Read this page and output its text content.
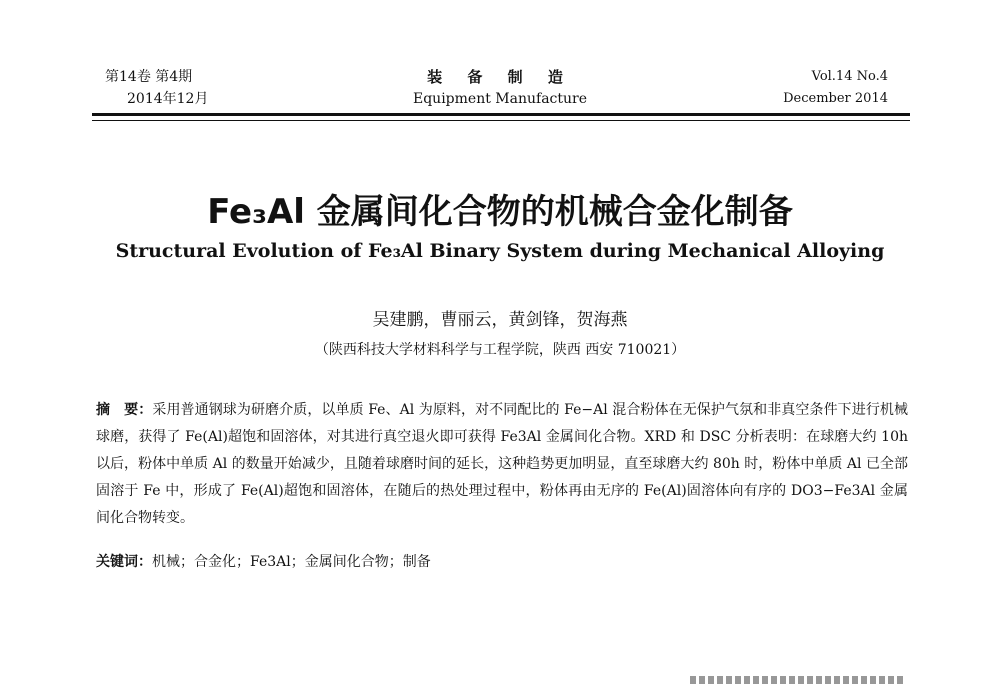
第14卷 第4期
2014年12月
装 备 制 造
Equipment Manufacture
Vol.14 No.4
December 2014
Fe₃Al 金属间化合物的机械合金化制备
Structural Evolution of Fe₃Al Binary System during Mechanical Alloying
吴建鹏，曹丽云，黄剑锋，贺海燕
（陕西科技大学材料科学与工程学院，陕西 西安 710021）
摘　要：采用普通钢球为研磨介质，以单质 Fe、Al 为原料，对不同配比的 Fe−Al 混合粉体在无保护气氛和非真空条件下进行机械球磨，获得了 Fe(Al)超饱和固溶体，对其进行真空退火即可获得 Fe3Al 金属间化合物。XRD 和 DSC 分析表明：在球磨大约 10h 以后，粉体中单质 Al 的数量开始减少，且随着球磨时间的延长，这种趋势更加明显，直至球磨大约 80h 时，粉体中单质 Al 已全部固溶于 Fe 中，形成了 Fe(Al)超饱和固溶体，在随后的热处理过程中，粉体再由无序的 Fe(Al)固溶体向有序的 DO3−Fe3Al 金属间化合物转变。
关键词：机械；合金化；Fe3Al；金属间化合物；制备
